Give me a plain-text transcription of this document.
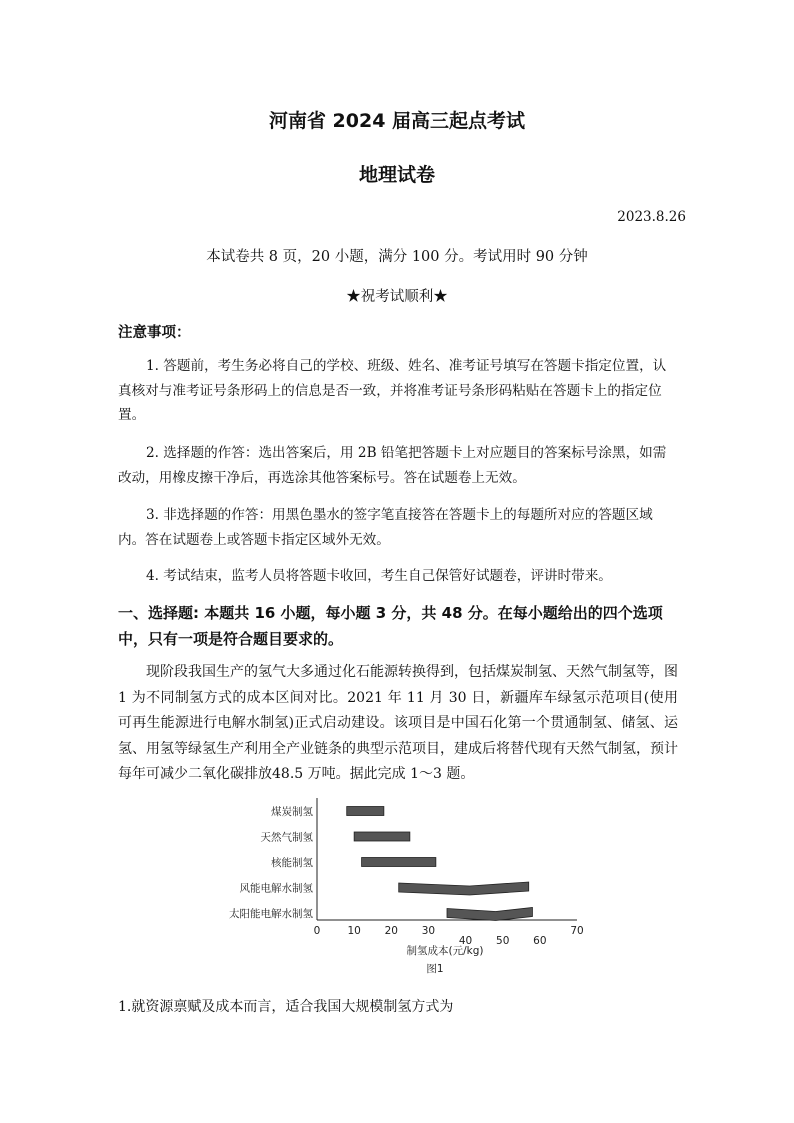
河南省 2024 届高三起点考试
地理试卷
2023.8.26
本试卷共 8 页，20 小题，满分 100 分。考试用时 90 分钟
★祝考试顺利★
注意事项：
1. 答题前，考生务必将自己的学校、班级、姓名、准考证号填写在答题卡指定位置，认真核对与准考证号条形码上的信息是否一致，并将准考证号条形码粘贴在答题卡上的指定位置。
2. 选择题的作答：选出答案后，用 2B 铅笔把答题卡上对应题目的答案标号涂黑，如需改动，用橡皮擦干净后，再选涂其他答案标号。答在试题卷上无效。
3. 非选择题的作答：用黑色墨水的签字笔直接答在答题卡上的每题所对应的答题区域内。答在试题卷上或答题卡指定区域外无效。
4. 考试结束，监考人员将答题卡收回，考生自己保管好试题卷，评讲时带来。
一、选择题: 本题共 16 小题，每小题 3 分，共 48 分。在每小题给出的四个选项中，只有一项是符合题目要求的。
现阶段我国生产的氢气大多通过化石能源转换得到，包括煤炭制氢、天然气制氢等，图 1 为不同制氢方式的成本区间对比。2021 年 11 月 30 日，新疆库车绿氢示范项目(使用可再生能源进行电解水制氢)正式启动建设。该项目是中国石化第一个贯通制氢、储氢、运氢、用氢等绿氢生产利用全产业链条的典型示范项目，建成后将替代现有天然气制氢，预计每年可减少二氧化碳排放48.5 万吨。据此完成 1～3 题。
煤炭制氢
天然气制氢
核能制氢
风能电解水制氢
太阳能电解水制氢
0	10 20 30
40 50 60
70
制氢成本(元/kg)
图1
1.就资源禀赋及成本而言，适合我国大规模制氢方式为
